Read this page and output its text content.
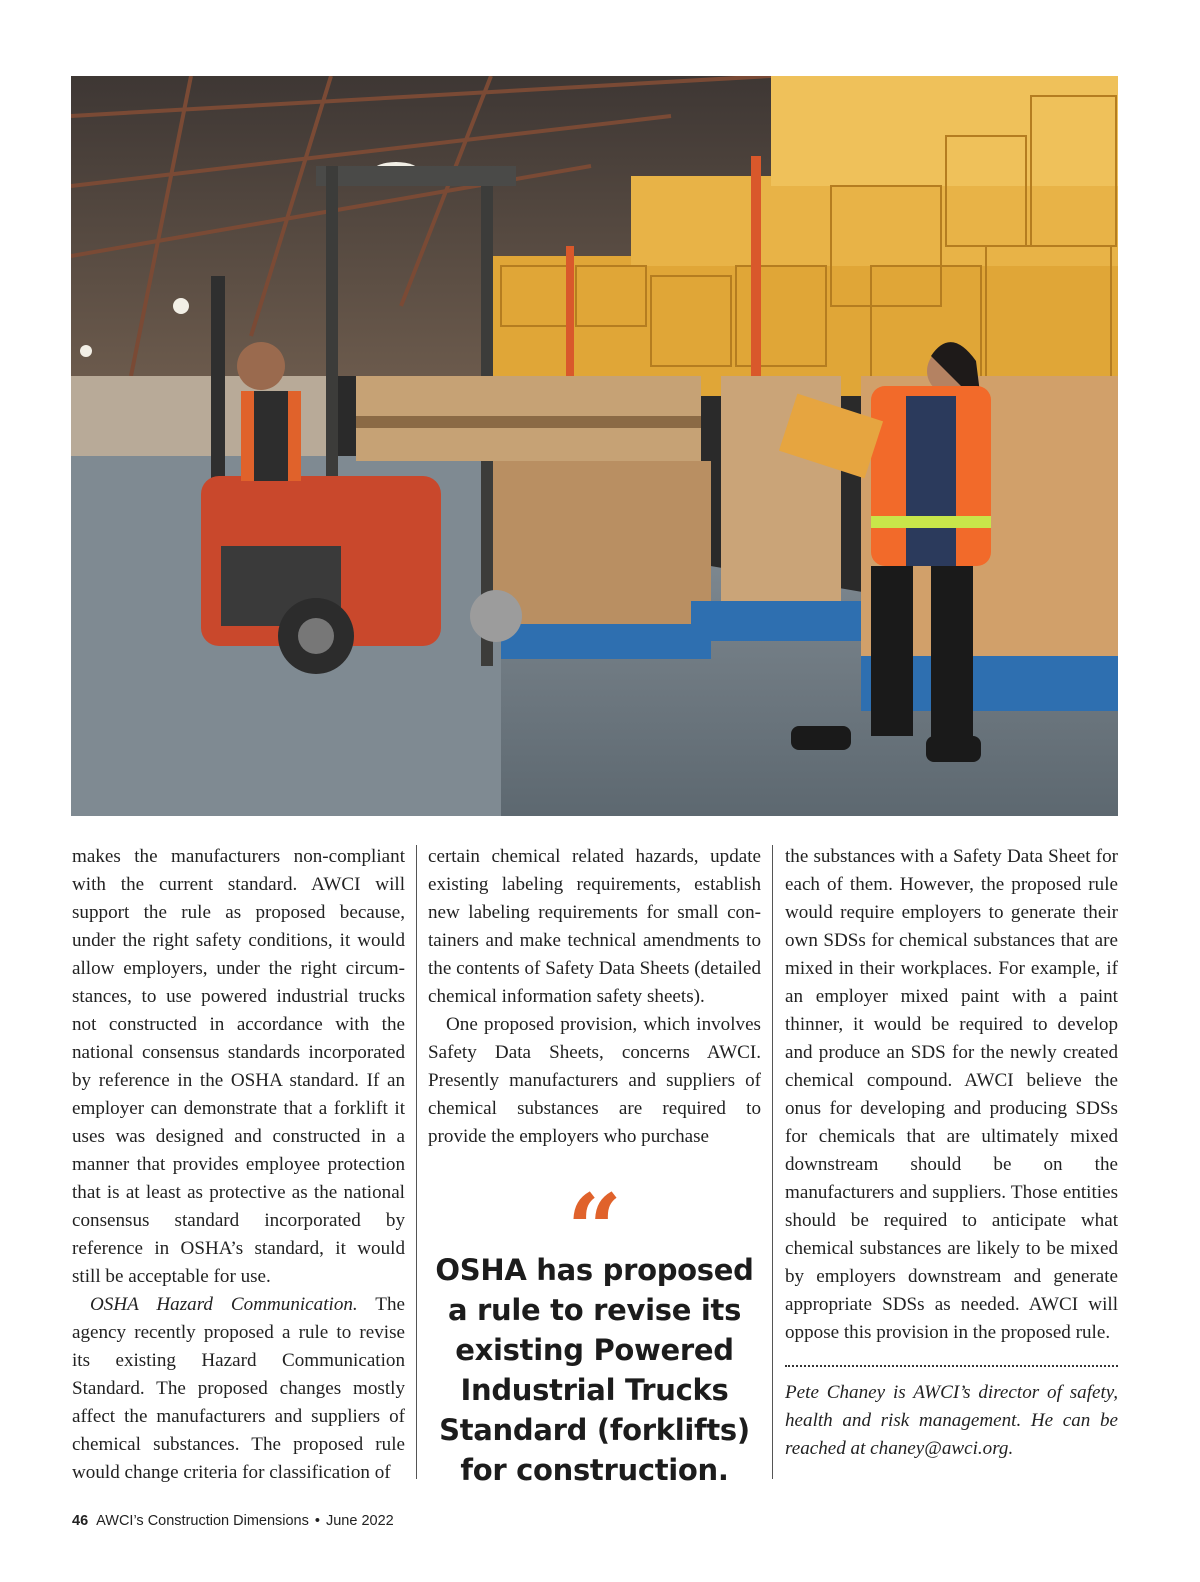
makes the manufacturers non-compliant with the current standard. AWCI will support the rule as proposed because, under the right safety conditions, it would allow employers, under the right circumstances, to use powered industrial trucks not constructed in accordance with the national consensus standards incorporated by reference in the OSHA standard. If an employer can demonstrate that a forklift it uses was designed and constructed in a manner that provides employee protection that is at least as protective as the national consensus standard incorporated by reference in OSHA’s standard, it would still be acceptable for use.

OSHA Hazard Communication. The agency recently proposed a rule to revise its existing Hazard Communication Standard. The proposed changes mostly affect the manufacturers and suppliers of chemical substances. The proposed rule would change criteria for classification of

certain chemical related hazards, update existing labeling requirements, establish new labeling requirements for small containers and make technical amendments to the contents of Safety Data Sheets (detailed chemical information safety sheets).

One proposed provision, which involves Safety Data Sheets, concerns AWCI. Presently manufacturers and suppliers of chemical substances are required to provide the employers who purchase

“
OSHA has proposed a rule to revise its existing Powered Industrial Trucks Standard (forklifts) for construction.

the substances with a Safety Data Sheet for each of them. However, the proposed rule would require employers to generate their own SDSs for chemical substances that are mixed in their workplaces. For example, if an employer mixed paint with a paint thinner, it would be required to develop and produce an SDS for the newly created chemical compound. AWCI believe the onus for developing and producing SDSs for chemicals that are ultimately mixed downstream should be on the manufacturers and suppliers. Those entities should be required to anticipate what chemical substances are likely to be mixed by employers downstream and generate appropriate SDSs as needed. AWCI will oppose this provision in the proposed rule.

Pete Chaney is AWCI’s director of safety, health and risk management. He can be reached at chaney@awci.org.

46 AWCI’s Construction Dimensions • June 2022
